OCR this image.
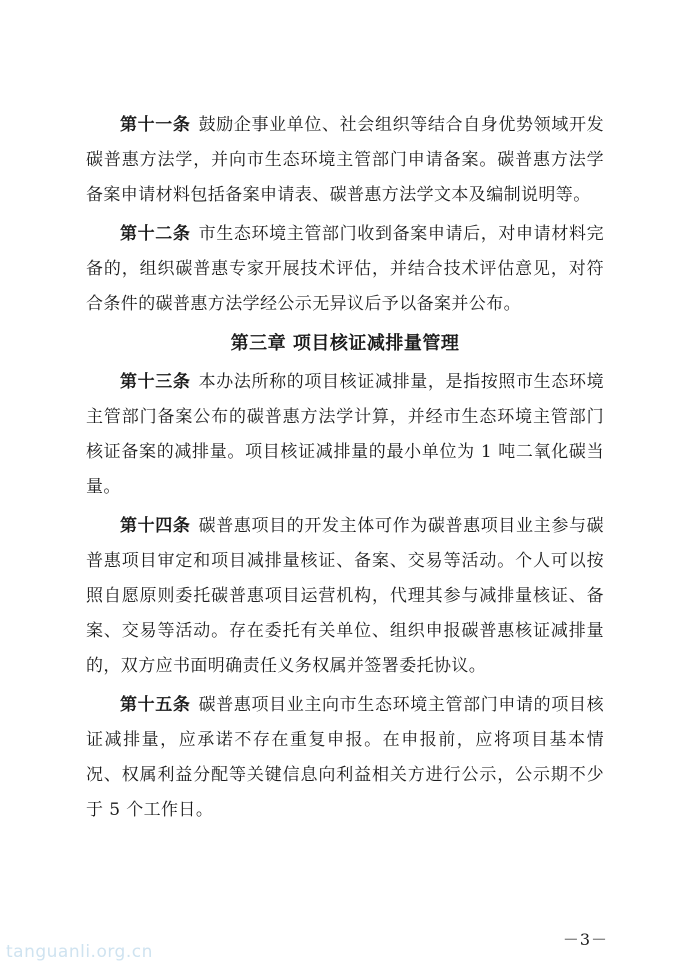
第十一条 鼓励企事业单位、社会组织等结合自身优势领域开发碳普惠方法学，并向市生态环境主管部门申请备案。碳普惠方法学备案申请材料包括备案申请表、碳普惠方法学文本及编制说明等。

第十二条 市生态环境主管部门收到备案申请后，对申请材料完备的，组织碳普惠专家开展技术评估，并结合技术评估意见，对符合条件的碳普惠方法学经公示无异议后予以备案并公布。

第三章 项目核证减排量管理

第十三条 本办法所称的项目核证减排量，是指按照市生态环境主管部门备案公布的碳普惠方法学计算，并经市生态环境主管部门核证备案的减排量。项目核证减排量的最小单位为 1 吨二氧化碳当量。

第十四条 碳普惠项目的开发主体可作为碳普惠项目业主参与碳普惠项目审定和项目减排量核证、备案、交易等活动。个人可以按照自愿原则委托碳普惠项目运营机构，代理其参与减排量核证、备案、交易等活动。存在委托有关单位、组织申报碳普惠核证减排量的，双方应书面明确责任义务权属并签署委托协议。

第十五条 碳普惠项目业主向市生态环境主管部门申请的项目核证减排量，应承诺不存在重复申报。在申报前，应将项目基本情况、权属利益分配等关键信息向利益相关方进行公示，公示期不少于 5 个工作日。

－3－
tanguanli.org.cn
